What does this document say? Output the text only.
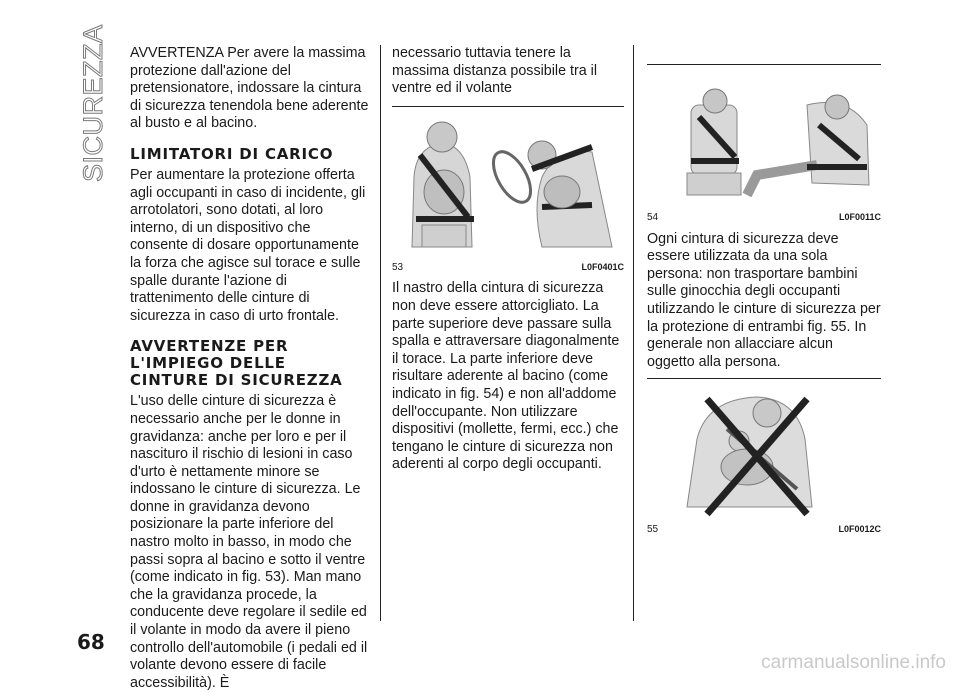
SICUREZZA AVVERTENZA Per avere la massima protezione dall'azione del pretensionatore, indossare la cintura di sicurezza tenendola bene aderente al busto e al bacino.

LIMITATORI DI CARICO

Per aumentare la protezione offerta agli occupanti in caso di incidente, gli arrotolatori, sono dotati, al loro interno, di un dispositivo che consente di dosare opportunamente la forza che agisce sul torace e sulle spalle durante l'azione di trattenimento delle cinture di sicurezza in caso di urto frontale.

AVVERTENZE PER L'IMPIEGO DELLE CINTURE DI SICUREZZA

L'uso delle cinture di sicurezza è necessario anche per le donne in gravidanza: anche per loro e per il nascituro il rischio di lesioni in caso d'urto è nettamente minore se indossano le cinture di sicurezza. Le donne in gravidanza devono posizionare la parte inferiore del nastro molto in basso, in modo che passi sopra al bacino e sotto il ventre (come indicato in fig. 53). Man mano che la gravidanza procede, la conducente deve regolare il sedile ed il volante in modo da avere il pieno controllo dell'automobile (i pedali ed il volante devono essere di facile accessibilità). È

necessario tuttavia tenere la massima distanza possibile tra il ventre ed il volante

53	L0F0401C

Il nastro della cintura di sicurezza non deve essere attorcigliato. La parte superiore deve passare sulla spalla e attraversare diagonalmente il torace. La parte inferiore deve risultare aderente al bacino (come indicato in fig. 54) e non all'addome dell'occupante. Non utilizzare dispositivi (mollette, fermi, ecc.) che tengano le cinture di sicurezza non aderenti al corpo degli occupanti.

54	L0F0011C

Ogni cintura di sicurezza deve essere utilizzata da una sola persona: non trasportare bambini sulle ginocchia degli occupanti utilizzando le cinture di sicurezza per la protezione di entrambi fig. 55. In generale non allacciare alcun oggetto alla persona.

55	L0F0012C
68
carmanualsonline.info
